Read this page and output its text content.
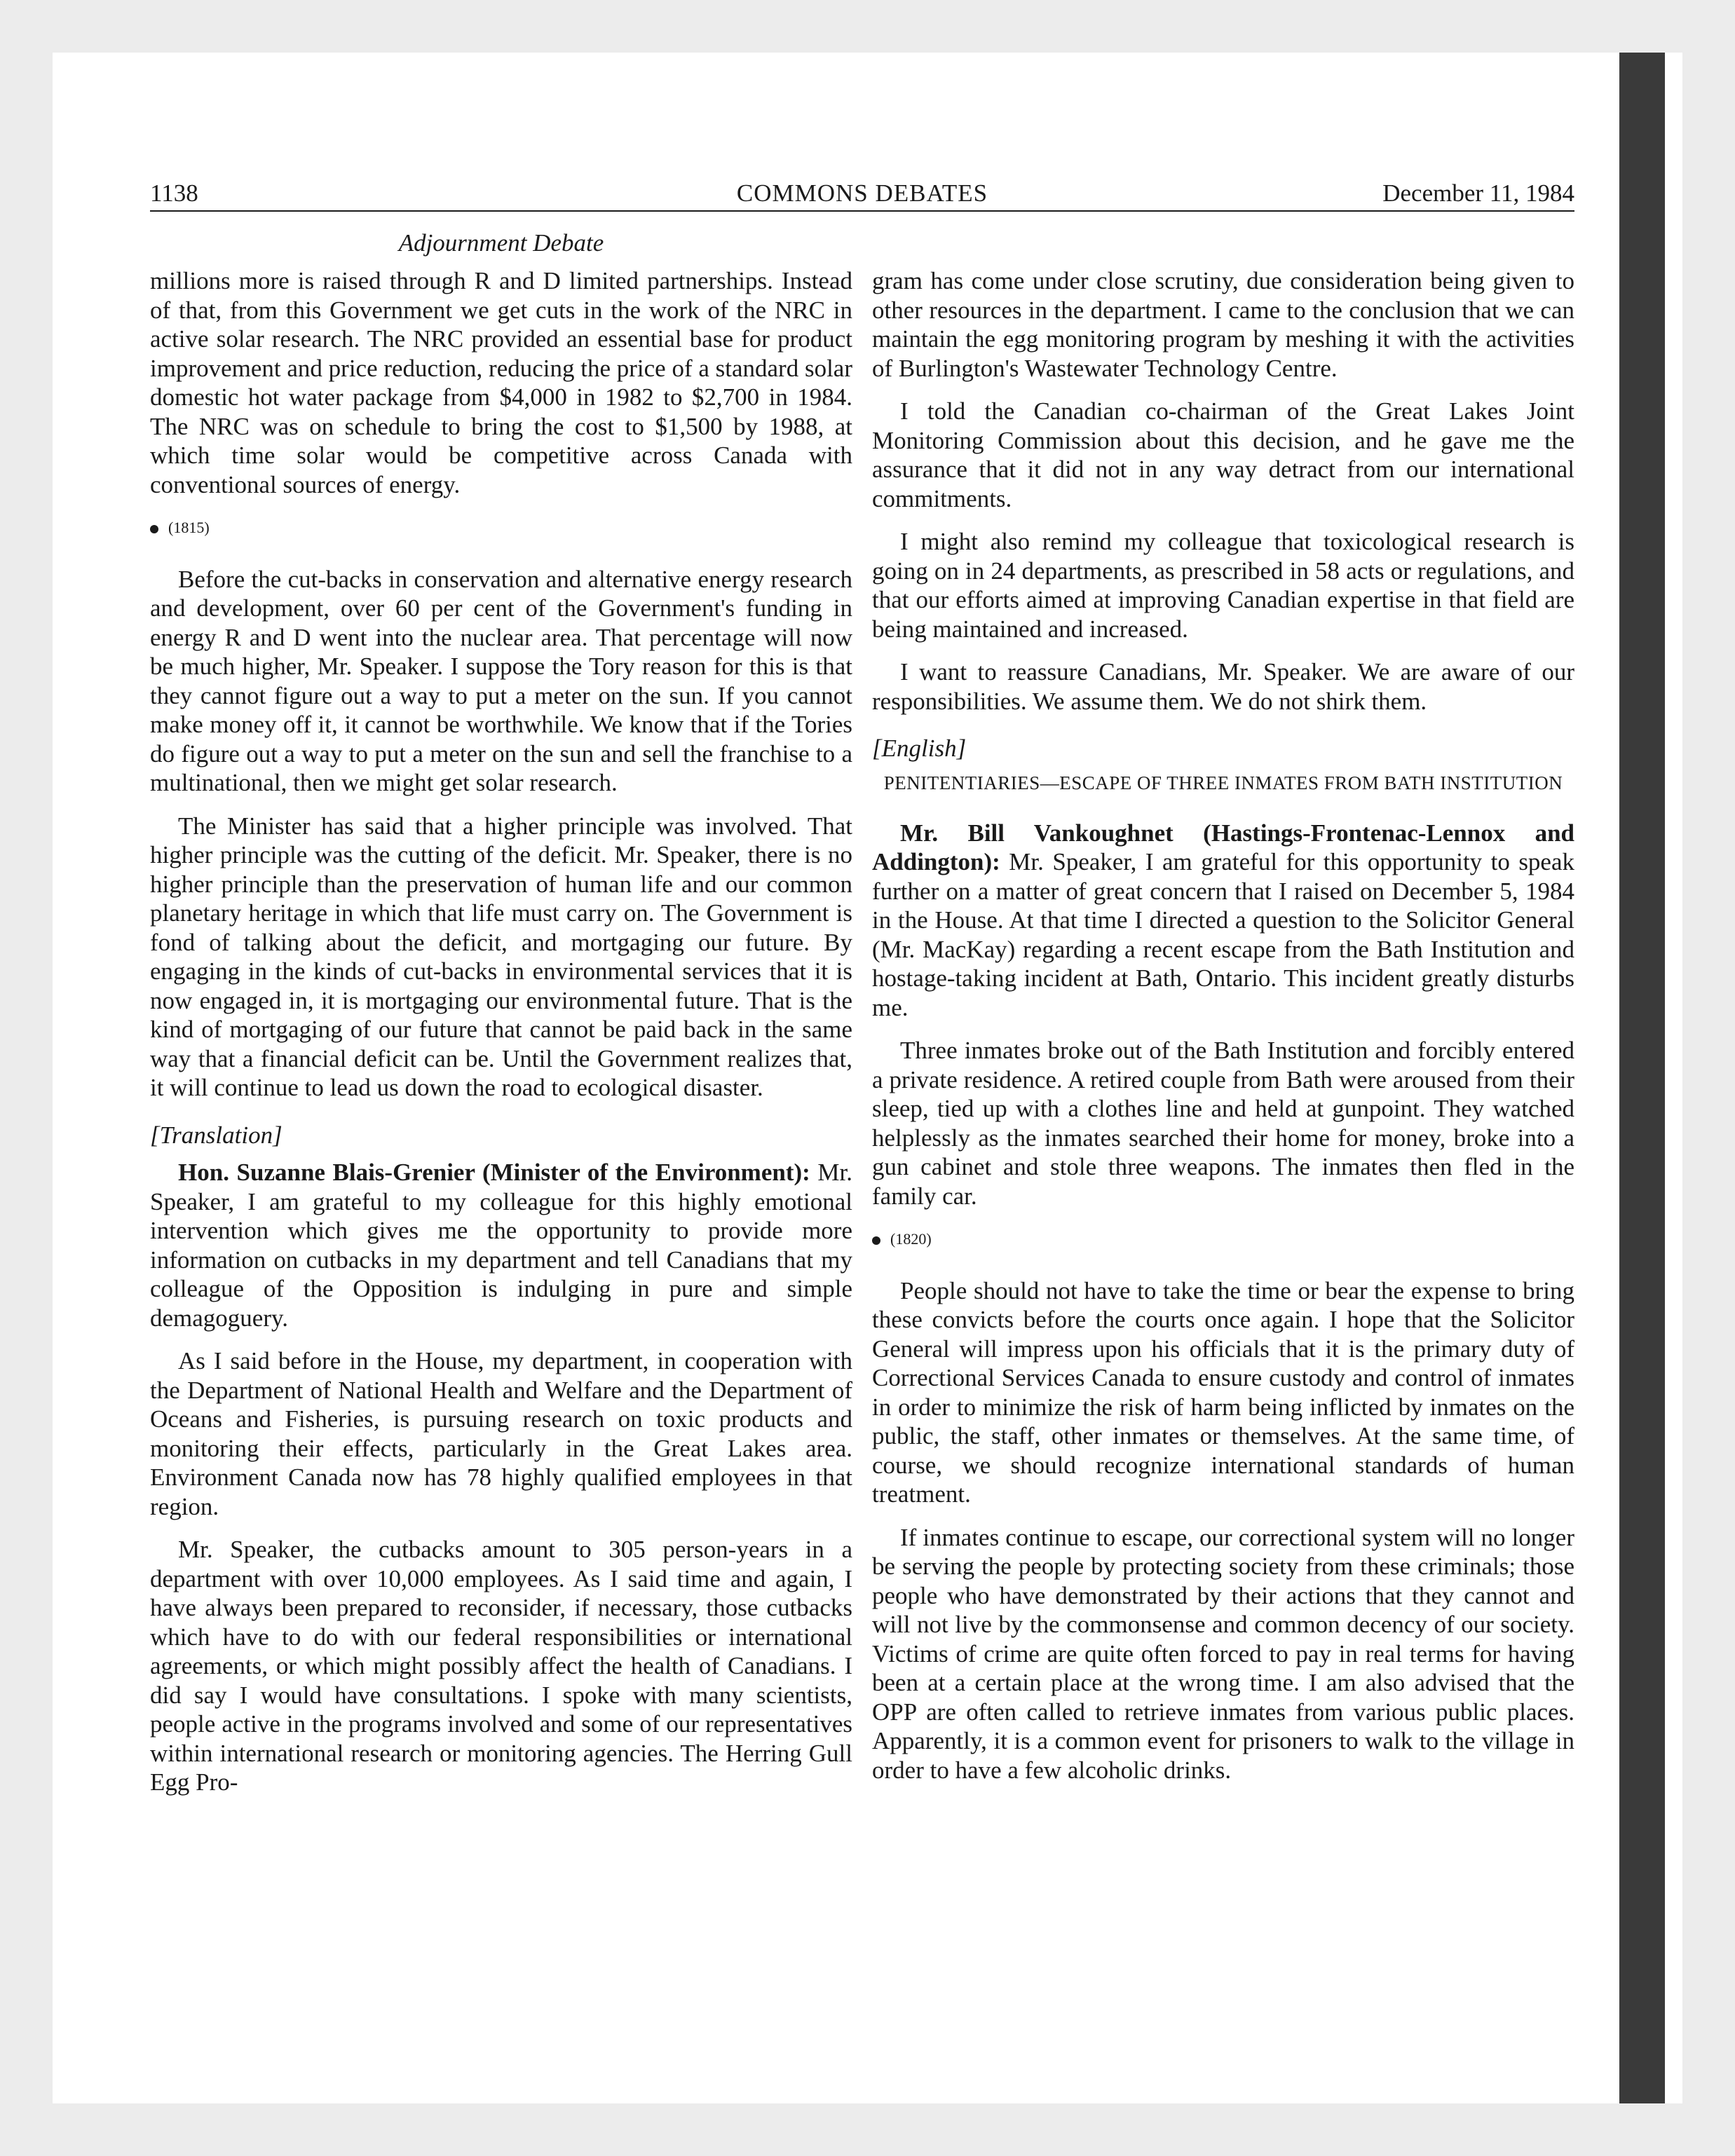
1138	COMMONS DEBATES	December 11, 1984
Adjournment Debate

millions more is raised through R and D limited partnerships. Instead of that, from this Government we get cuts in the work of the NRC in active solar research. The NRC provided an essential base for product improvement and price reduction, reducing the price of a standard solar domestic hot water package from $4,000 in 1982 to $2,700 in 1984. The NRC was on schedule to bring the cost to $1,500 by 1988, at which time solar would be competitive across Canada with conventional sources of energy.

(1815)

Before the cut-backs in conservation and alternative energy research and development, over 60 per cent of the Government's funding in energy R and D went into the nuclear area. That percentage will now be much higher, Mr. Speaker. I suppose the Tory reason for this is that they cannot figure out a way to put a meter on the sun. If you cannot make money off it, it cannot be worthwhile. We know that if the Tories do figure out a way to put a meter on the sun and sell the franchise to a multinational, then we might get solar research.

The Minister has said that a higher principle was involved. That higher principle was the cutting of the deficit. Mr. Speaker, there is no higher principle than the preservation of human life and our common planetary heritage in which that life must carry on. The Government is fond of talking about the deficit, and mortgaging our future. By engaging in the kinds of cut-backs in environmental services that it is now engaged in, it is mortgaging our environmental future. That is the kind of mortgaging of our future that cannot be paid back in the same way that a financial deficit can be. Until the Government realizes that, it will continue to lead us down the road to ecological disaster.

[Translation]

Hon. Suzanne Blais-Grenier (Minister of the Environment): Mr. Speaker, I am grateful to my colleague for this highly emotional intervention which gives me the opportunity to provide more information on cutbacks in my department and tell Canadians that my colleague of the Opposition is indulging in pure and simple demagoguery.

As I said before in the House, my department, in cooperation with the Department of National Health and Welfare and the Department of Oceans and Fisheries, is pursuing research on toxic products and monitoring their effects, particularly in the Great Lakes area. Environment Canada now has 78 highly qualified employees in that region.

Mr. Speaker, the cutbacks amount to 305 person-years in a department with over 10,000 employees. As I said time and again, I have always been prepared to reconsider, if necessary, those cutbacks which have to do with our federal responsibilities or international agreements, or which might possibly affect the health of Canadians. I did say I would have consultations. I spoke with many scientists, people active in the programs involved and some of our representatives within international research or monitoring agencies. The Herring Gull Egg Pro-

gram has come under close scrutiny, due consideration being given to other resources in the department. I came to the conclusion that we can maintain the egg monitoring program by meshing it with the activities of Burlington's Wastewater Technology Centre.

I told the Canadian co-chairman of the Great Lakes Joint Monitoring Commission about this decision, and he gave me the assurance that it did not in any way detract from our international commitments.

I might also remind my colleague that toxicological research is going on in 24 departments, as prescribed in 58 acts or regulations, and that our efforts aimed at improving Canadian expertise in that field are being maintained and increased.

I want to reassure Canadians, Mr. Speaker. We are aware of our responsibilities. We assume them. We do not shirk them.

[English]
PENITENTIARIES—ESCAPE OF THREE INMATES FROM BATH INSTITUTION

Mr. Bill Vankoughnet (Hastings-Frontenac-Lennox and Addington): Mr. Speaker, I am grateful for this opportunity to speak further on a matter of great concern that I raised on December 5, 1984 in the House. At that time I directed a question to the Solicitor General (Mr. MacKay) regarding a recent escape from the Bath Institution and hostage-taking incident at Bath, Ontario. This incident greatly disturbs me.

Three inmates broke out of the Bath Institution and forcibly entered a private residence. A retired couple from Bath were aroused from their sleep, tied up with a clothes line and held at gunpoint. They watched helplessly as the inmates searched their home for money, broke into a gun cabinet and stole three weapons. The inmates then fled in the family car.

(1820)

People should not have to take the time or bear the expense to bring these convicts before the courts once again. I hope that the Solicitor General will impress upon his officials that it is the primary duty of Correctional Services Canada to ensure custody and control of inmates in order to minimize the risk of harm being inflicted by inmates on the public, the staff, other inmates or themselves. At the same time, of course, we should recognize international standards of human treatment.

If inmates continue to escape, our correctional system will no longer be serving the people by protecting society from these criminals; those people who have demonstrated by their actions that they cannot and will not live by the commonsense and common decency of our society. Victims of crime are quite often forced to pay in real terms for having been at a certain place at the wrong time. I am also advised that the OPP are often called to retrieve inmates from various public places. Apparently, it is a common event for prisoners to walk to the village in order to have a few alcoholic drinks.
